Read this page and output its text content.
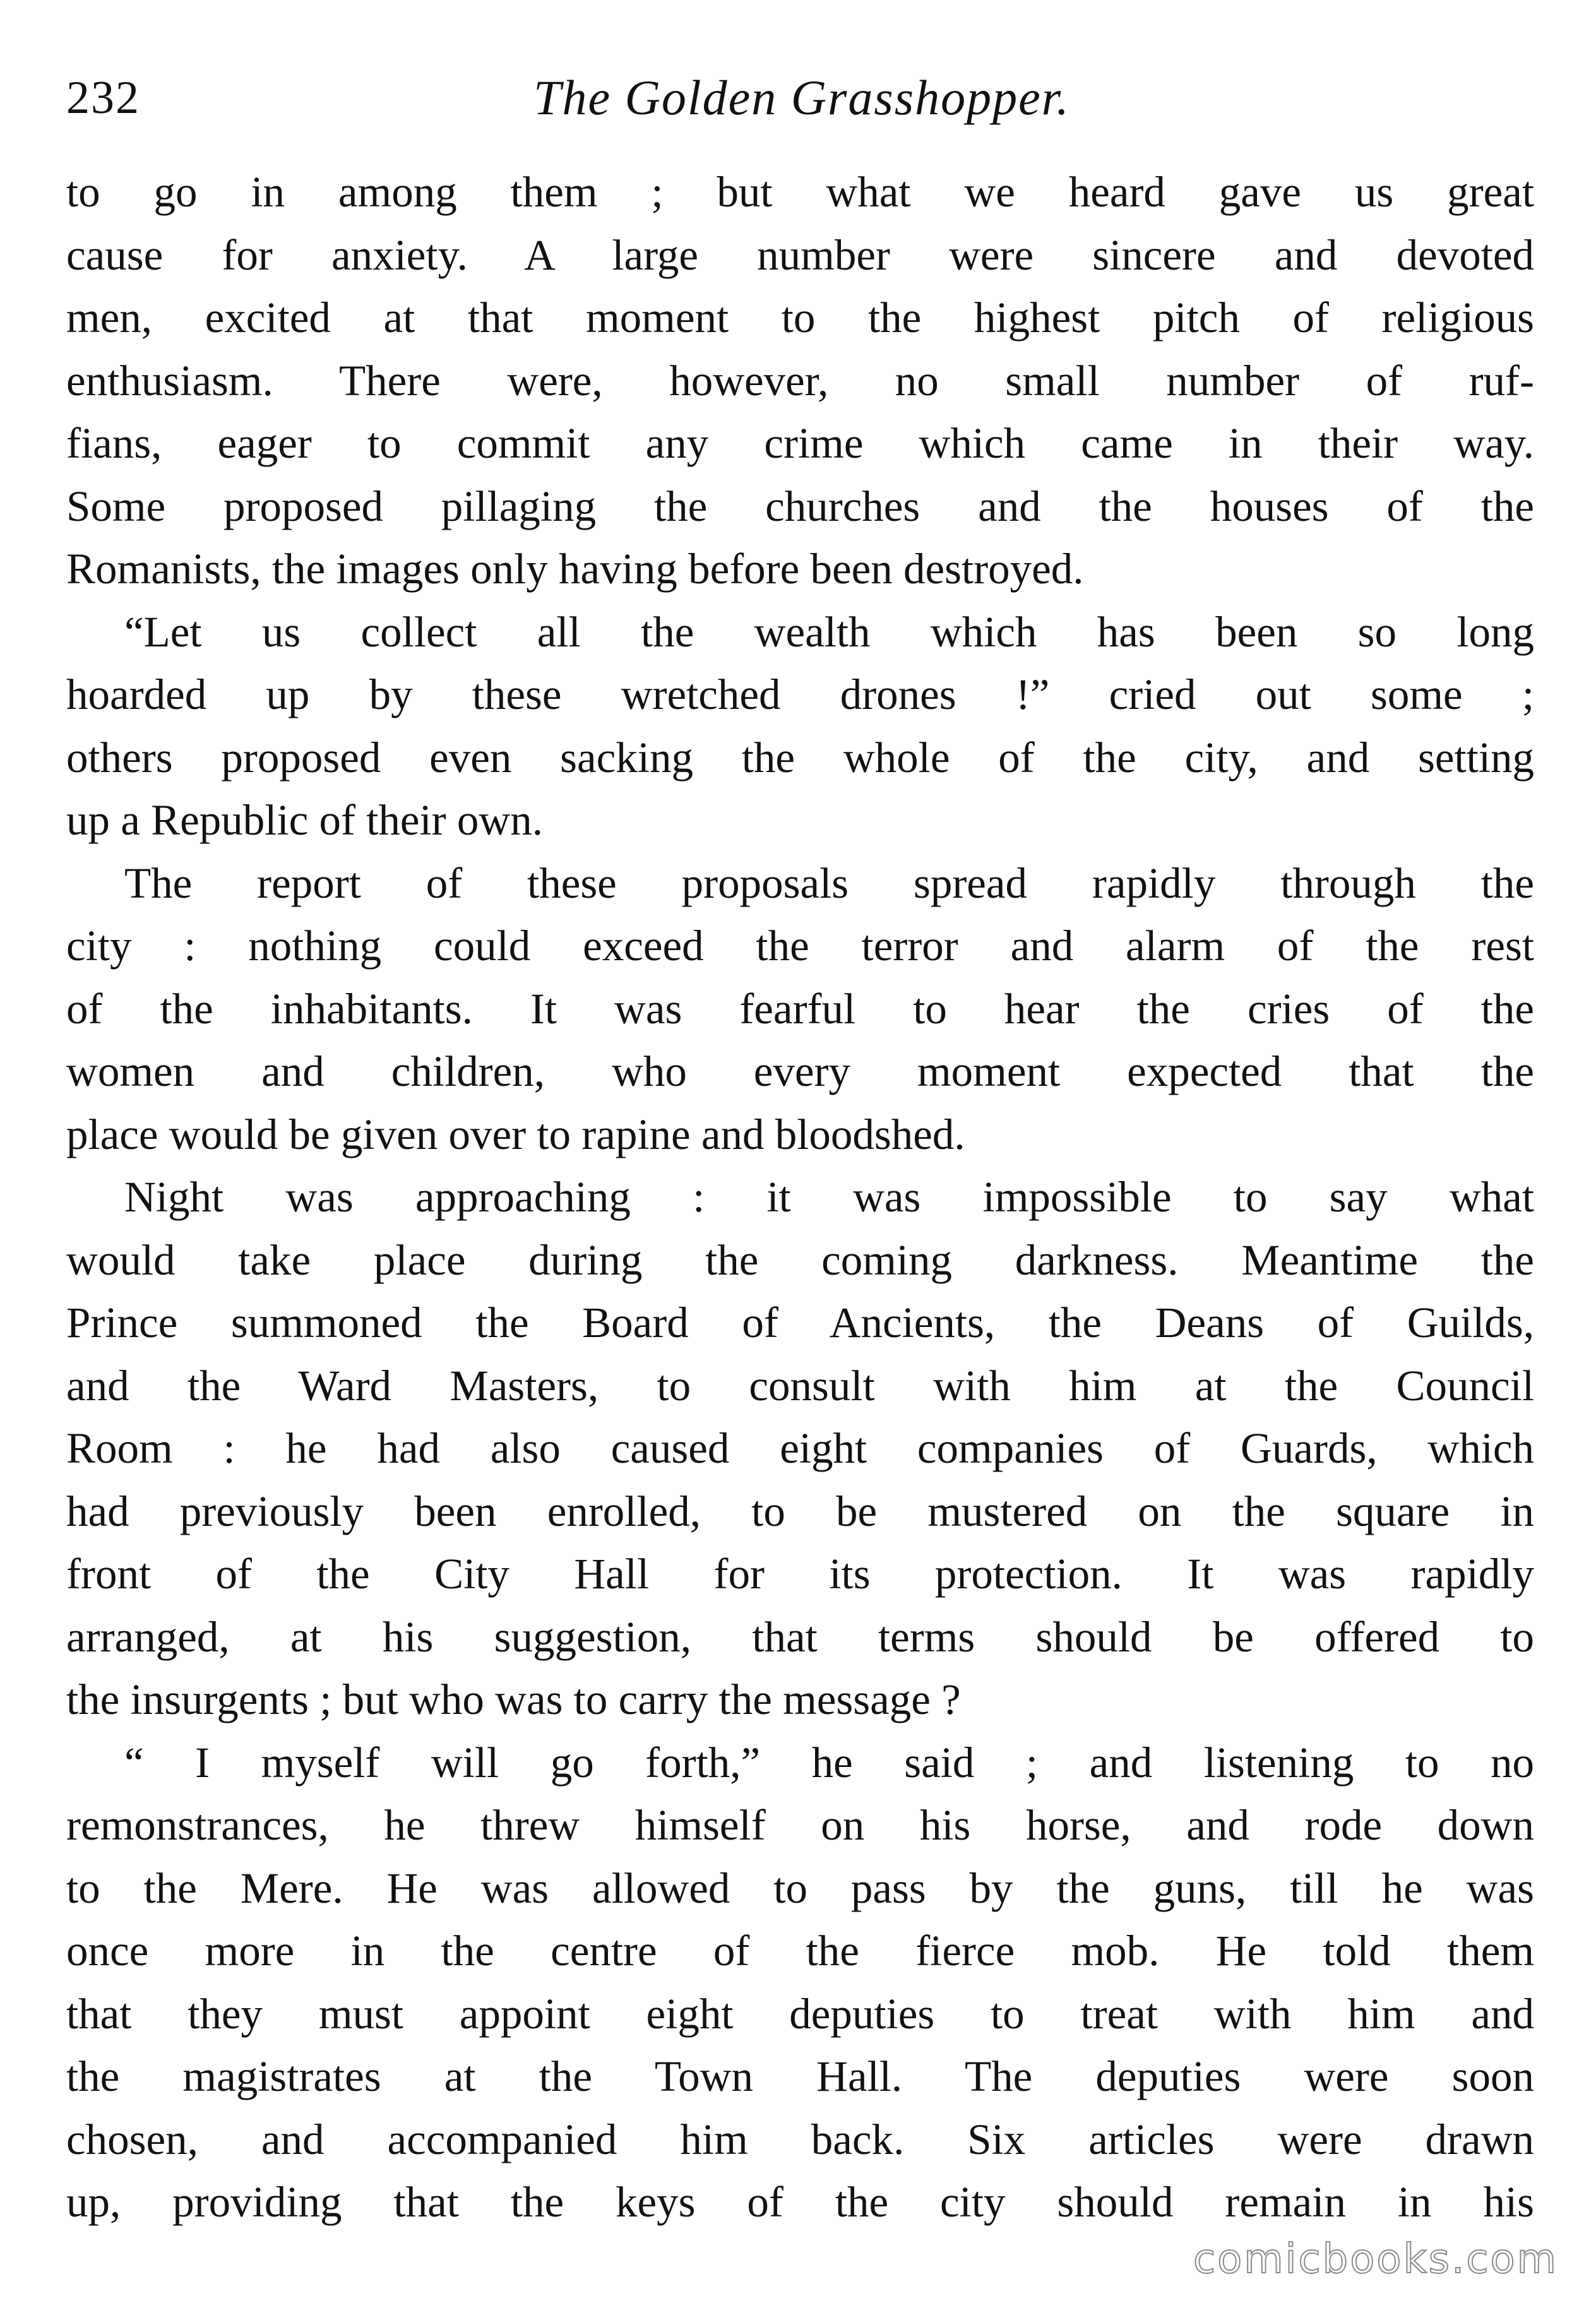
232	The Golden Grasshopper.
to go in among them ; but what we heard gave us great
cause for anxiety. A large number were sincere and devoted
men, excited at that moment to the highest pitch of religious
enthusiasm. There were, however, no small number of ruf-
fians, eager to commit any crime which came in their way.
Some proposed pillaging the churches and the houses of the
Romanists, the images only having before been destroyed.
“Let us collect all the wealth which has been so long
hoarded up by these wretched drones !” cried out some ;
others proposed even sacking the whole of the city, and setting
up a Republic of their own.
The report of these proposals spread rapidly through the
city : nothing could exceed the terror and alarm of the rest
of the inhabitants. It was fearful to hear the cries of the
women and children, who every moment expected that the
place would be given over to rapine and bloodshed.
Night was approaching : it was impossible to say what
would take place during the coming darkness. Meantime the
Prince summoned the Board of Ancients, the Deans of Guilds,
and the Ward Masters, to consult with him at the Council
Room : he had also caused eight companies of Guards, which
had previously been enrolled, to be mustered on the square in
front of the City Hall for its protection. It was rapidly
arranged, at his suggestion, that terms should be offered to
the insurgents ; but who was to carry the message ?
“ I myself will go forth,” he said ; and listening to no
remonstrances, he threw himself on his horse, and rode down
to the Mere. He was allowed to pass by the guns, till he was
once more in the centre of the fierce mob. He told them
that they must appoint eight deputies to treat with him and
the magistrates at the Town Hall. The deputies were soon
chosen, and accompanied him back. Six articles were drawn
up, providing that the keys of the city should remain in his
comicbooks.com
